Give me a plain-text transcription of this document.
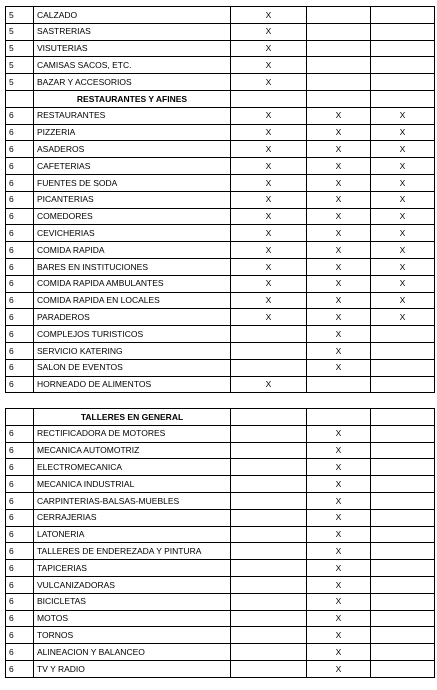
5	CALZADO	X		
5	SASTRERIAS	X		
5	VISUTERIAS	X		
5	CAMISAS SACOS, ETC.	X		
5	BAZAR Y ACCESORIOS	X		
	RESTAURANTES Y AFINES			
6	RESTAURANTES	X	X	X
6	PIZZERIA	X	X	X
6	ASADEROS	X	X	X
6	CAFETERIAS	X	X	X
6	FUENTES DE SODA	X	X	X
6	PICANTERIAS	X	X	X
6	COMEDORES	X	X	X
6	CEVICHERIAS	X	X	X
6	COMIDA RAPIDA	X	X	X
6	BARES EN INSTITUCIONES	X	X	X
6	COMIDA RAPIDA AMBULANTES	X	X	X
6	COMIDA RAPIDA EN LOCALES	X	X	X
6	PARADEROS	X	X	X
6	COMPLEJOS TURISTICOS		X	
6	SERVICIO KATERING		X	
6	SALON DE EVENTOS		X	
6	HORNEADO DE ALIMENTOS	X		
	TALLERES EN GENERAL			
6	RECTIFICADORA DE MOTORES		X	
6	MECANICA AUTOMOTRIZ		X	
6	ELECTROMECANICA		X	
6	MECANICA INDUSTRIAL		X	
6	CARPINTERIAS-BALSAS-MUEBLES		X	
6	CERRAJERIAS		X	
6	LATONERIA		X	
6	TALLERES DE ENDEREZADA Y PINTURA		X	
6	TAPICERIAS		X	
6	VULCANIZADORAS		X	
6	BICICLETAS		X	
6	MOTOS		X	
6	TORNOS		X	
6	ALINEACION Y BALANCEO		X	
6	TV Y RADIO		X	
